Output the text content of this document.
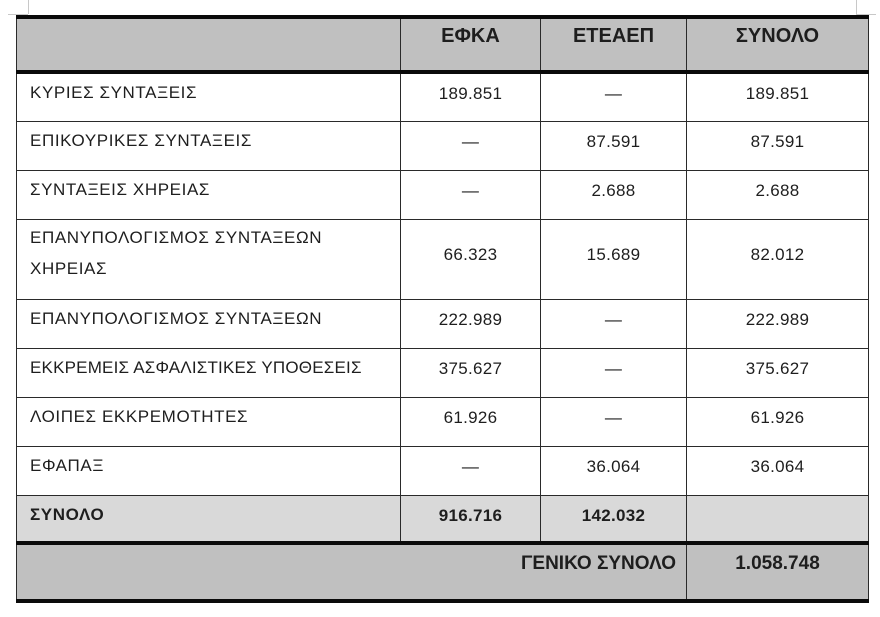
	ΕΦΚΑ	ΕΤΕΑΕΠ	ΣΥΝΟΛΟ
ΚΥΡΙΕΣ ΣΥΝΤΑΞΕΙΣ	189.851	—	189.851
ΕΠΙΚΟΥΡΙΚΕΣ ΣΥΝΤΑΞΕΙΣ	—	87.591	87.591
ΣΥΝΤΑΞΕΙΣ ΧΗΡΕΙΑΣ	—	2.688	2.688
ΕΠΑΝΥΠΟΛΟΓΙΣΜΟΣ ΣΥΝΤΑΞΕΩΝ ΧΗΡΕΙΑΣ	66.323	15.689	82.012
ΕΠΑΝΥΠΟΛΟΓΙΣΜΟΣ ΣΥΝΤΑΞΕΩΝ	222.989	—	222.989
ΕΚΚΡΕΜΕΙΣ ΑΣΦΑΛΙΣΤΙΚΕΣ ΥΠΟΘΕΣΕΙΣ	375.627	—	375.627
ΛΟΙΠΕΣ ΕΚΚΡΕΜΟΤΗΤΕΣ	61.926	—	61.926
ΕΦΑΠΑΞ	—	36.064	36.064
ΣΥΝΟΛΟ	916.716	142.032	
ΓΕΝΙΚΟ ΣΥΝΟΛΟ			1.058.748
